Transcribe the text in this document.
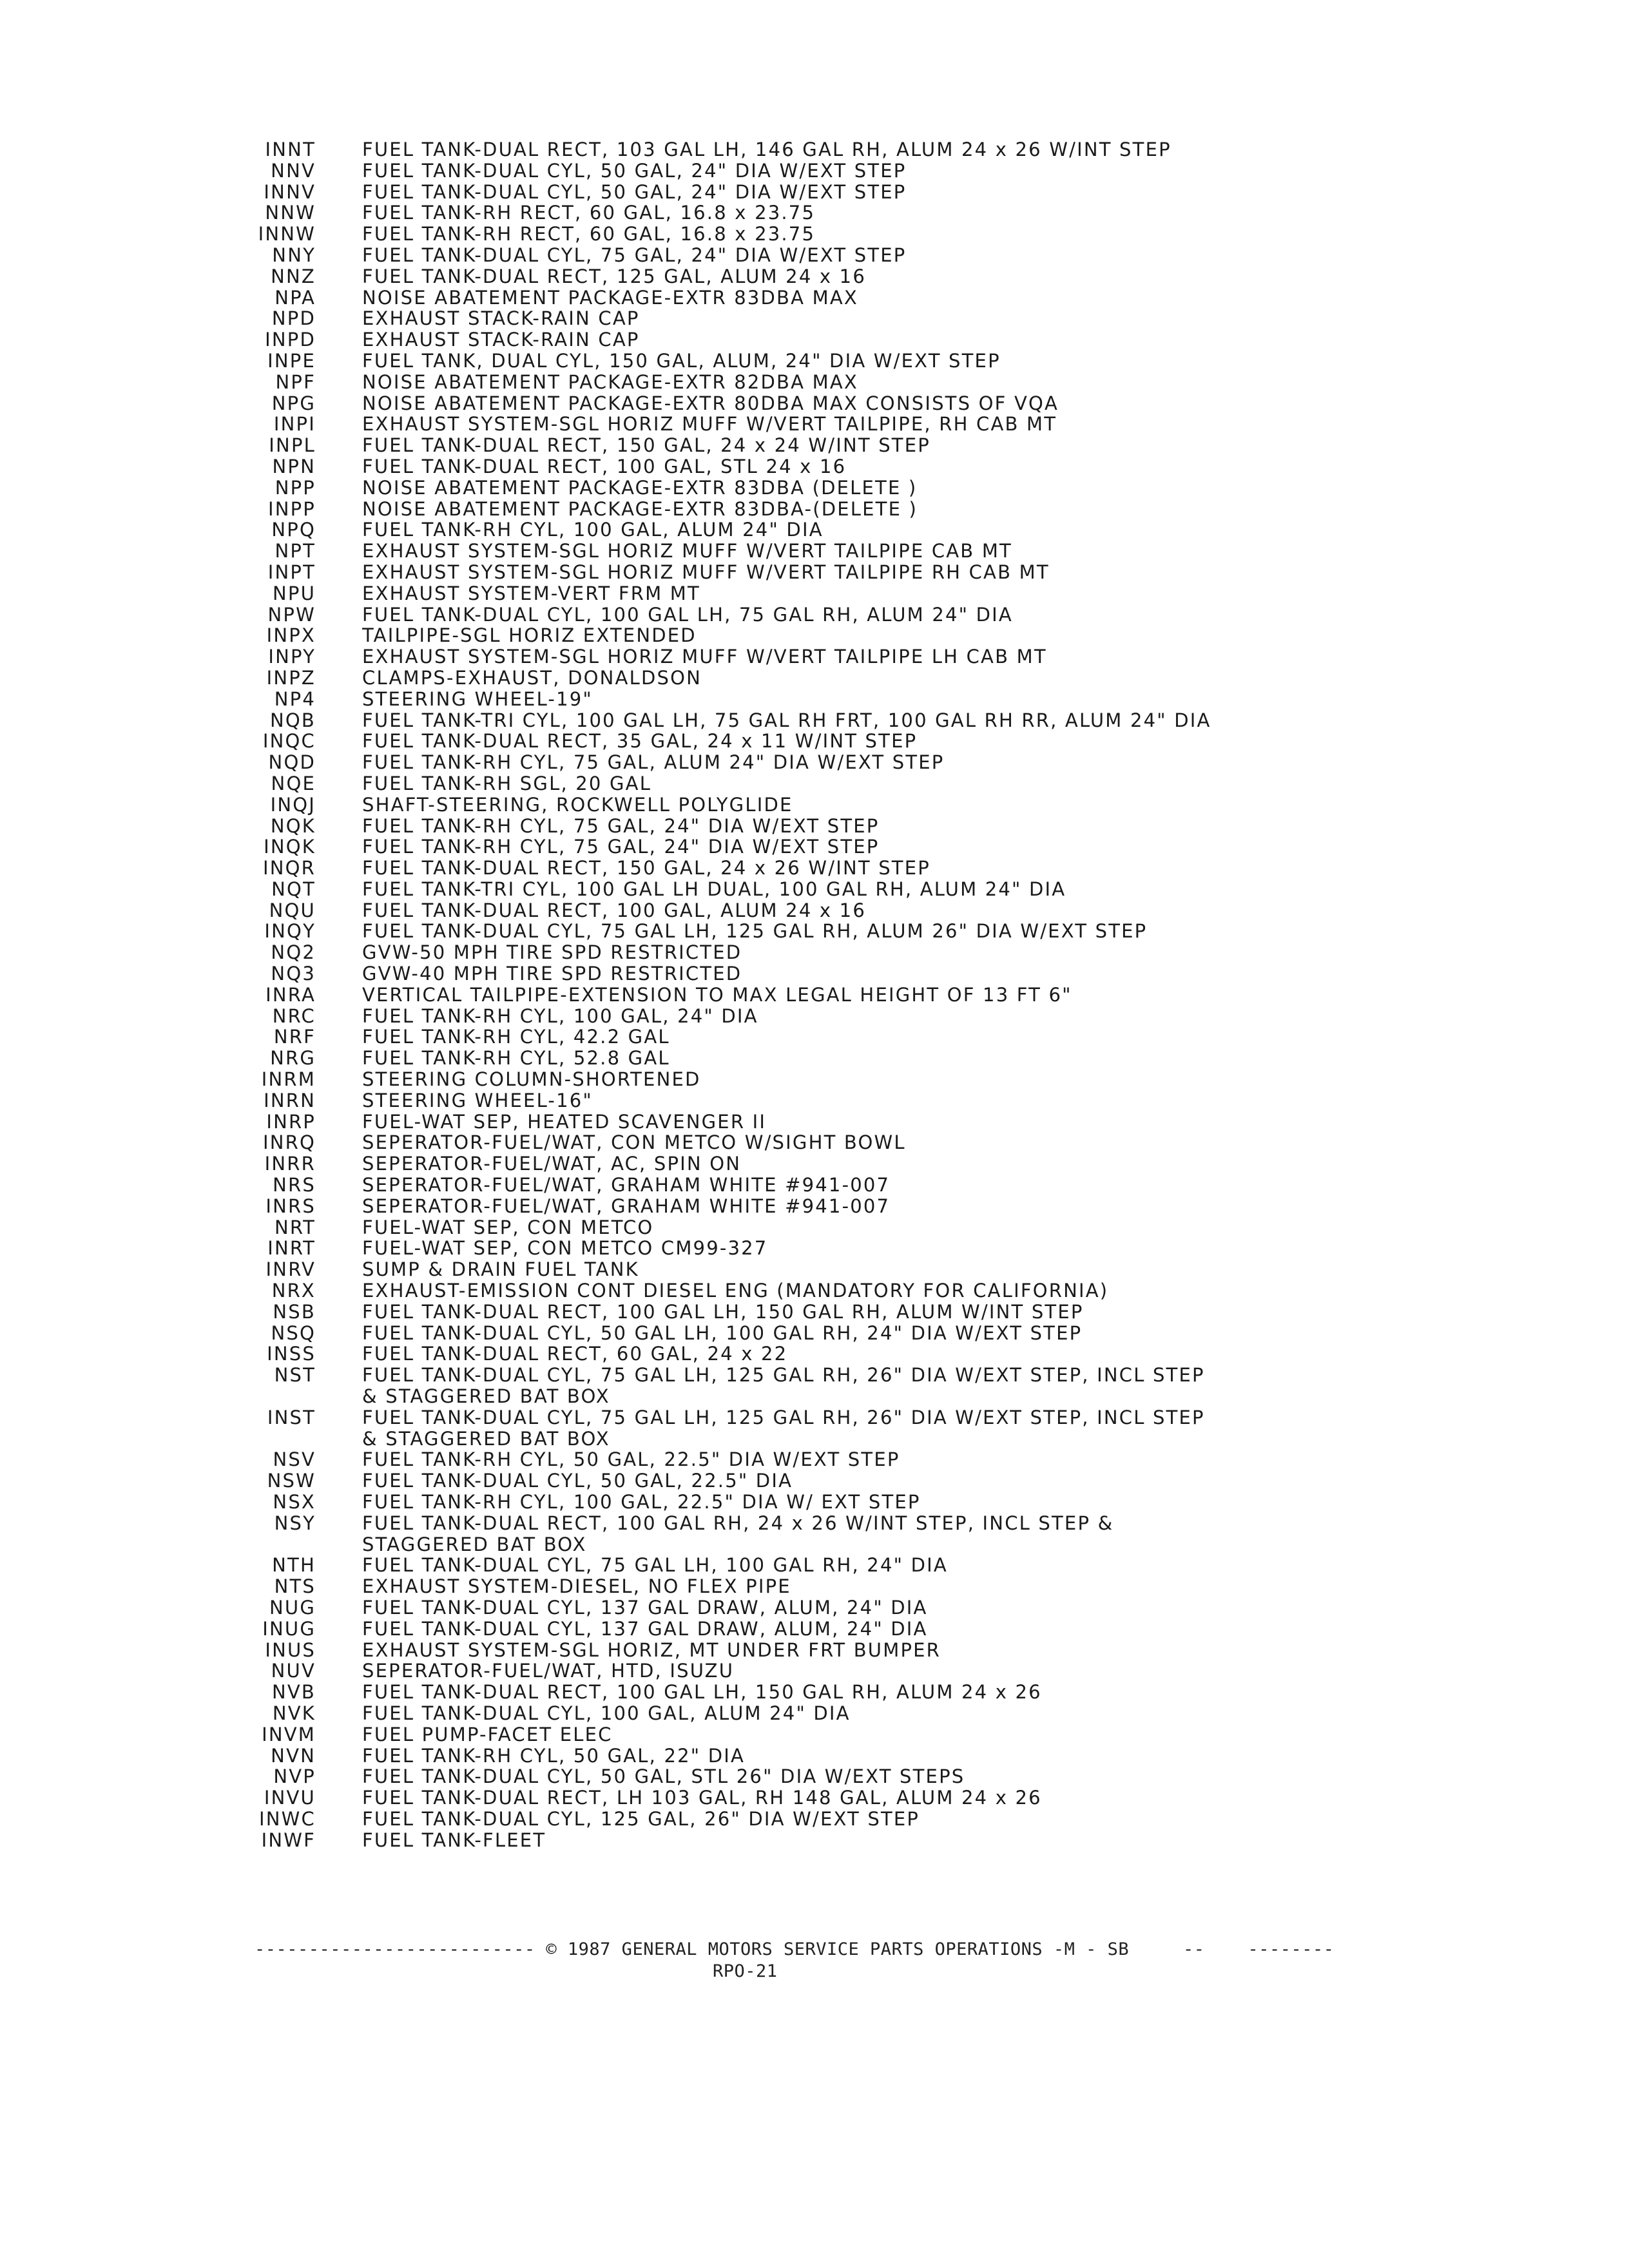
INNT	FUEL TANK-DUAL RECT, 103 GAL LH, 146 GAL RH, ALUM 24 x 26 W/INT STEP
NNV	FUEL TANK-DUAL CYL, 50 GAL, 24" DIA W/EXT STEP
INNV	FUEL TANK-DUAL CYL, 50 GAL, 24" DIA W/EXT STEP
NNW	FUEL TANK-RH RECT, 60 GAL, 16.8 x 23.75
INNW	FUEL TANK-RH RECT, 60 GAL, 16.8 x 23.75
NNY	FUEL TANK-DUAL CYL, 75 GAL, 24" DIA W/EXT STEP
NNZ	FUEL TANK-DUAL RECT, 125 GAL, ALUM 24 x 16
NPA	NOISE ABATEMENT PACKAGE-EXTR 83DBA MAX
NPD	EXHAUST STACK-RAIN CAP
INPD	EXHAUST STACK-RAIN CAP
INPE	FUEL TANK, DUAL CYL, 150 GAL, ALUM, 24" DIA W/EXT STEP
NPF	NOISE ABATEMENT PACKAGE-EXTR 82DBA MAX
NPG	NOISE ABATEMENT PACKAGE-EXTR 80DBA MAX CONSISTS OF VQA
INPI	EXHAUST SYSTEM-SGL HORIZ MUFF W/VERT TAILPIPE, RH CAB MT
INPL	FUEL TANK-DUAL RECT, 150 GAL, 24 x 24 W/INT STEP
NPN	FUEL TANK-DUAL RECT, 100 GAL, STL 24 x 16
NPP	NOISE ABATEMENT PACKAGE-EXTR 83DBA (DELETE )
INPP	NOISE ABATEMENT PACKAGE-EXTR 83DBA-(DELETE )
NPQ	FUEL TANK-RH CYL, 100 GAL, ALUM 24" DIA
NPT	EXHAUST SYSTEM-SGL HORIZ MUFF W/VERT TAILPIPE CAB MT
INPT	EXHAUST SYSTEM-SGL HORIZ MUFF W/VERT TAILPIPE RH CAB MT
NPU	EXHAUST SYSTEM-VERT FRM MT
NPW	FUEL TANK-DUAL CYL, 100 GAL LH, 75 GAL RH, ALUM 24" DIA
INPX	TAILPIPE-SGL HORIZ EXTENDED
INPY	EXHAUST SYSTEM-SGL HORIZ MUFF W/VERT TAILPIPE LH CAB MT
INPZ	CLAMPS-EXHAUST, DONALDSON
NP4	STEERING WHEEL-19"
NQB	FUEL TANK-TRI CYL, 100 GAL LH, 75 GAL RH FRT, 100 GAL RH RR, ALUM 24" DIA
INQC	FUEL TANK-DUAL RECT, 35 GAL, 24 x 11 W/INT STEP
NQD	FUEL TANK-RH CYL, 75 GAL, ALUM 24" DIA W/EXT STEP
NQE	FUEL TANK-RH SGL, 20 GAL
INQJ	SHAFT-STEERING, ROCKWELL POLYGLIDE
NQK	FUEL TANK-RH CYL, 75 GAL, 24" DIA W/EXT STEP
INQK	FUEL TANK-RH CYL, 75 GAL, 24" DIA W/EXT STEP
INQR	FUEL TANK-DUAL RECT, 150 GAL, 24 x 26 W/INT STEP
NQT	FUEL TANK-TRI CYL, 100 GAL LH DUAL, 100 GAL RH, ALUM 24" DIA
NQU	FUEL TANK-DUAL RECT, 100 GAL, ALUM 24 x 16
INQY	FUEL TANK-DUAL CYL, 75 GAL LH, 125 GAL RH, ALUM 26" DIA W/EXT STEP
NQ2	GVW-50 MPH TIRE SPD RESTRICTED
NQ3	GVW-40 MPH TIRE SPD RESTRICTED
INRA	VERTICAL TAILPIPE-EXTENSION TO MAX LEGAL HEIGHT OF 13 FT 6"
NRC	FUEL TANK-RH CYL, 100 GAL, 24" DIA
NRF	FUEL TANK-RH CYL, 42.2 GAL
NRG	FUEL TANK-RH CYL, 52.8 GAL
INRM	STEERING COLUMN-SHORTENED
INRN	STEERING WHEEL-16"
INRP	FUEL-WAT SEP, HEATED SCAVENGER II
INRQ	SEPERATOR-FUEL/WAT, CON METCO W/SIGHT BOWL
INRR	SEPERATOR-FUEL/WAT, AC, SPIN ON
NRS	SEPERATOR-FUEL/WAT, GRAHAM WHITE #941-007
INRS	SEPERATOR-FUEL/WAT, GRAHAM WHITE #941-007
NRT	FUEL-WAT SEP, CON METCO
INRT	FUEL-WAT SEP, CON METCO CM99-327
INRV	SUMP & DRAIN FUEL TANK
NRX	EXHAUST-EMISSION CONT DIESEL ENG (MANDATORY FOR CALIFORNIA)
NSB	FUEL TANK-DUAL RECT, 100 GAL LH, 150 GAL RH, ALUM W/INT STEP
NSQ	FUEL TANK-DUAL CYL, 50 GAL LH, 100 GAL RH, 24" DIA W/EXT STEP
INSS	FUEL TANK-DUAL RECT, 60 GAL, 24 x 22
NST	FUEL TANK-DUAL CYL, 75 GAL LH, 125 GAL RH, 26" DIA W/EXT STEP, INCL STEP
& STAGGERED BAT BOX
INST	FUEL TANK-DUAL CYL, 75 GAL LH, 125 GAL RH, 26" DIA W/EXT STEP, INCL STEP
& STAGGERED BAT BOX
NSV	FUEL TANK-RH CYL, 50 GAL, 22.5" DIA W/EXT STEP
NSW	FUEL TANK-DUAL CYL, 50 GAL, 22.5" DIA
NSX	FUEL TANK-RH CYL, 100 GAL, 22.5" DIA W/ EXT STEP
NSY	FUEL TANK-DUAL RECT, 100 GAL RH, 24 x 26 W/INT STEP, INCL STEP &
STAGGERED BAT BOX
NTH	FUEL TANK-DUAL CYL, 75 GAL LH, 100 GAL RH, 24" DIA
NTS	EXHAUST SYSTEM-DIESEL, NO FLEX PIPE
NUG	FUEL TANK-DUAL CYL, 137 GAL DRAW, ALUM, 24" DIA
INUG	FUEL TANK-DUAL CYL, 137 GAL DRAW, ALUM, 24" DIA
INUS	EXHAUST SYSTEM-SGL HORIZ, MT UNDER FRT BUMPER
NUV	SEPERATOR-FUEL/WAT, HTD, ISUZU
NVB	FUEL TANK-DUAL RECT, 100 GAL LH, 150 GAL RH, ALUM 24 x 26
NVK	FUEL TANK-DUAL CYL, 100 GAL, ALUM 24" DIA
INVM	FUEL PUMP-FACET ELEC
NVN	FUEL TANK-RH CYL, 50 GAL, 22" DIA
NVP	FUEL TANK-DUAL CYL, 50 GAL, STL 26" DIA W/EXT STEPS
INVU	FUEL TANK-DUAL RECT, LH 103 GAL, RH 148 GAL, ALUM 24 x 26
INWC	FUEL TANK-DUAL CYL, 125 GAL, 26" DIA W/EXT STEP
INWF	FUEL TANK-FLEET
-------------------------- © 1987 GENERAL MOTORS SERVICE PARTS OPERATIONS -M - SB     --    --------
RPO-21
